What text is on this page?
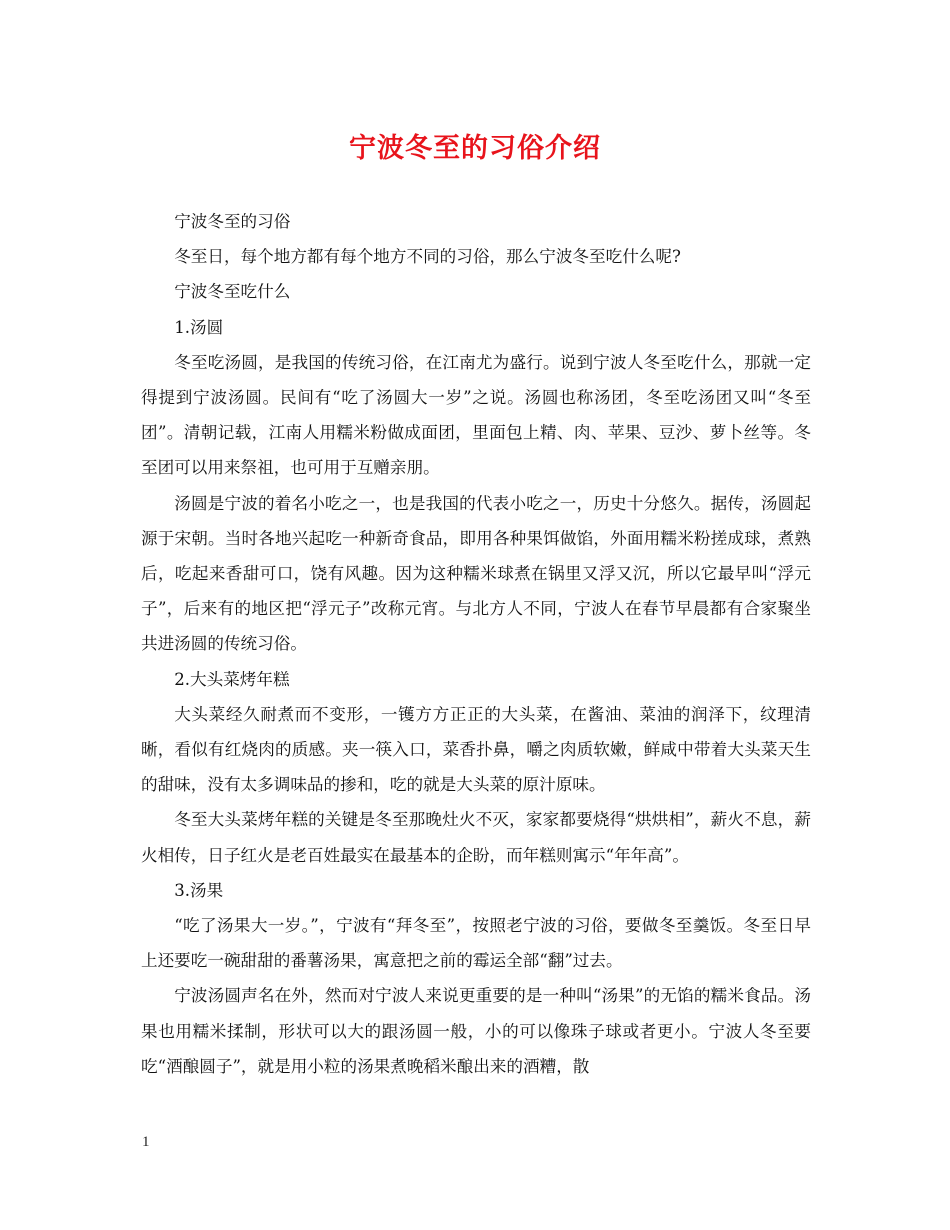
宁波冬至的习俗介绍

宁波冬至的习俗

冬至日，每个地方都有每个地方不同的习俗，那么宁波冬至吃什么呢?

宁波冬至吃什么

1.汤圆

冬至吃汤圆，是我国的传统习俗，在江南尤为盛行。说到宁波人冬至吃什么，那就一定得提到宁波汤圆。民间有“吃了汤圆大一岁”之说。汤圆也称汤团，冬至吃汤团又叫“冬至团”。清朝记载，江南人用糯米粉做成面团，里面包上精、肉、苹果、豆沙、萝卜丝等。冬至团可以用来祭祖，也可用于互赠亲朋。

汤圆是宁波的着名小吃之一，也是我国的代表小吃之一，历史十分悠久。据传，汤圆起源于宋朝。当时各地兴起吃一种新奇食品，即用各种果饵做馅，外面用糯米粉搓成球，煮熟后，吃起来香甜可口，饶有风趣。因为这种糯米球煮在锅里又浮又沉，所以它最早叫“浮元子”，后来有的地区把“浮元子”改称元宵。与北方人不同，宁波人在春节早晨都有合家聚坐共进汤圆的传统习俗。

2.大头菜烤年糕

大头菜经久耐煮而不变形，一镬方方正正的大头菜，在酱油、菜油的润泽下，纹理清晰，看似有红烧肉的质感。夹一筷入口，菜香扑鼻，嚼之肉质软嫩，鲜咸中带着大头菜天生的甜味，没有太多调味品的掺和，吃的就是大头菜的原汁原味。

冬至大头菜烤年糕的关键是冬至那晚灶火不灭，家家都要烧得“烘烘相”，薪火不息，薪火相传，日子红火是老百姓最实在最基本的企盼，而年糕则寓示“年年高”。

3.汤果

“吃了汤果大一岁。”，宁波有“拜冬至”，按照老宁波的习俗，要做冬至羹饭。冬至日早上还要吃一碗甜甜的番薯汤果，寓意把之前的霉运全部“翻”过去。

宁波汤圆声名在外，然而对宁波人来说更重要的是一种叫“汤果”的无馅的糯米食品。汤果也用糯米揉制，形状可以大的跟汤圆一般，小的可以像珠子球或者更小。宁波人冬至要吃“酒酿圆子”，就是用小粒的汤果煮晚稻米酿出来的酒糟，散

1
